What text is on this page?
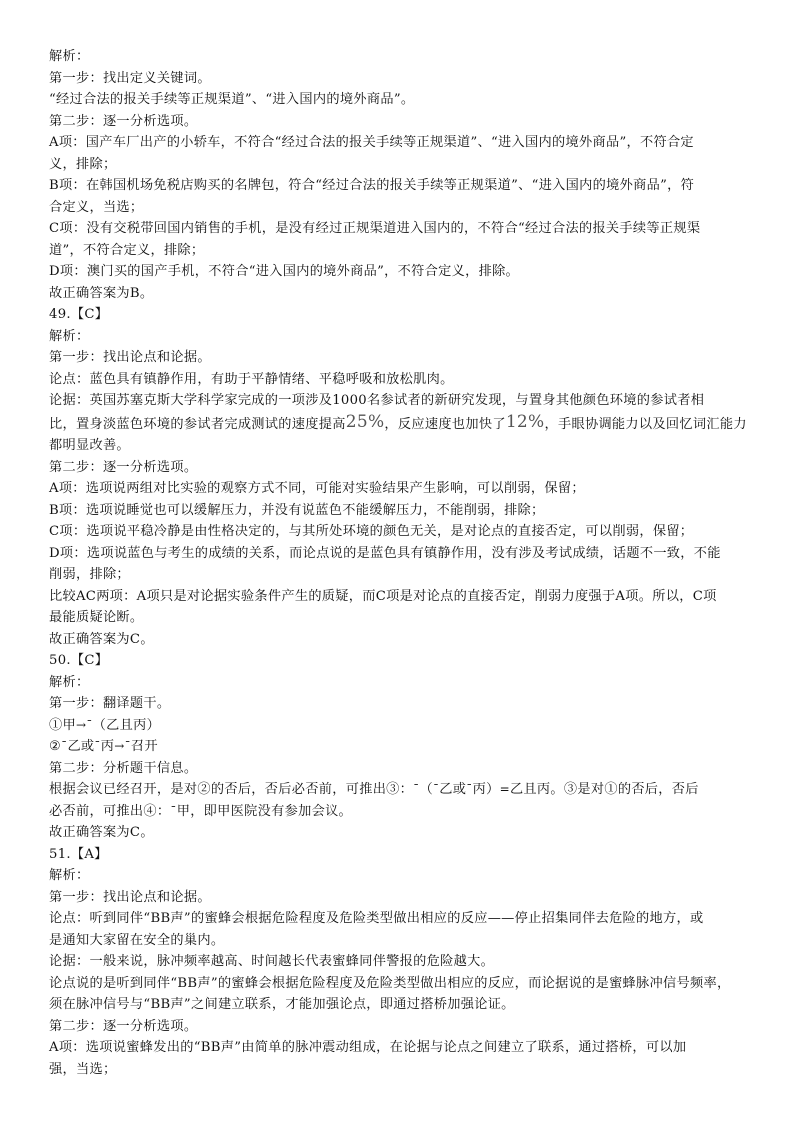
解析：
第一步：找出定义关键词。
“经过合法的报关手续等正规渠道”、“进入国内的境外商品”。
第二步：逐一分析选项。
A项：国产车厂出产的小轿车，不符合“经过合法的报关手续等正规渠道”、“进入国内的境外商品”，不符合定
义，排除；
B项：在韩国机场免税店购买的名牌包，符合“经过合法的报关手续等正规渠道”、“进入国内的境外商品”，符
合定义，当选；
C项：没有交税带回国内销售的手机，是没有经过正规渠道进入国内的，不符合“经过合法的报关手续等正规渠
道”，不符合定义，排除；
D项：澳门买的国产手机，不符合“进入国内的境外商品”，不符合定义，排除。
故正确答案为B。
49.【C】
解析：
第一步：找出论点和论据。
论点：蓝色具有镇静作用，有助于平静情绪、平稳呼吸和放松肌肉。
论据：英国苏塞克斯大学科学家完成的一项涉及1000名参试者的新研究发现，与置身其他颜色环境的参试者相
比，置身淡蓝色环境的参试者完成测试的速度提高25%，反应速度也加快了12%，手眼协调能力以及回忆词汇能力
都明显改善。
第二步：逐一分析选项。
A项：选项说两组对比实验的观察方式不同，可能对实验结果产生影响，可以削弱，保留；
B项：选项说睡觉也可以缓解压力，并没有说蓝色不能缓解压力，不能削弱，排除；
C项：选项说平稳冷静是由性格决定的，与其所处环境的颜色无关，是对论点的直接否定，可以削弱，保留；
D项：选项说蓝色与考生的成绩的关系，而论点说的是蓝色具有镇静作用，没有涉及考试成绩，话题不一致，不能
削弱，排除；
比较AC两项：A项只是对论据实验条件产生的质疑，而C项是对论点的直接否定，削弱力度强于A项。所以，C项
最能质疑论断。
故正确答案为C。
50.【C】
解析：
第一步：翻译题干。
①甲→¯（乙且丙）
②¯乙或¯丙→¯召开
第二步：分析题干信息。
根据会议已经召开，是对②的否后，否后必否前，可推出③：¯（¯乙或¯丙）=乙且丙。③是对①的否后，否后
必否前，可推出④：¯甲，即甲医院没有参加会议。
故正确答案为C。
51.【A】
解析：
第一步：找出论点和论据。
论点：听到同伴“BB声”的蜜蜂会根据危险程度及危险类型做出相应的反应——停止招集同伴去危险的地方，或
是通知大家留在安全的巢内。
论据：一般来说，脉冲频率越高、时间越长代表蜜蜂同伴警报的危险越大。
论点说的是听到同伴“BB声”的蜜蜂会根据危险程度及危险类型做出相应的反应，而论据说的是蜜蜂脉冲信号频率，
须在脉冲信号与“BB声”之间建立联系，才能加强论点，即通过搭桥加强论证。
第二步：逐一分析选项。
A项：选项说蜜蜂发出的“BB声”由简单的脉冲震动组成，在论据与论点之间建立了联系，通过搭桥，可以加
强，当选；
